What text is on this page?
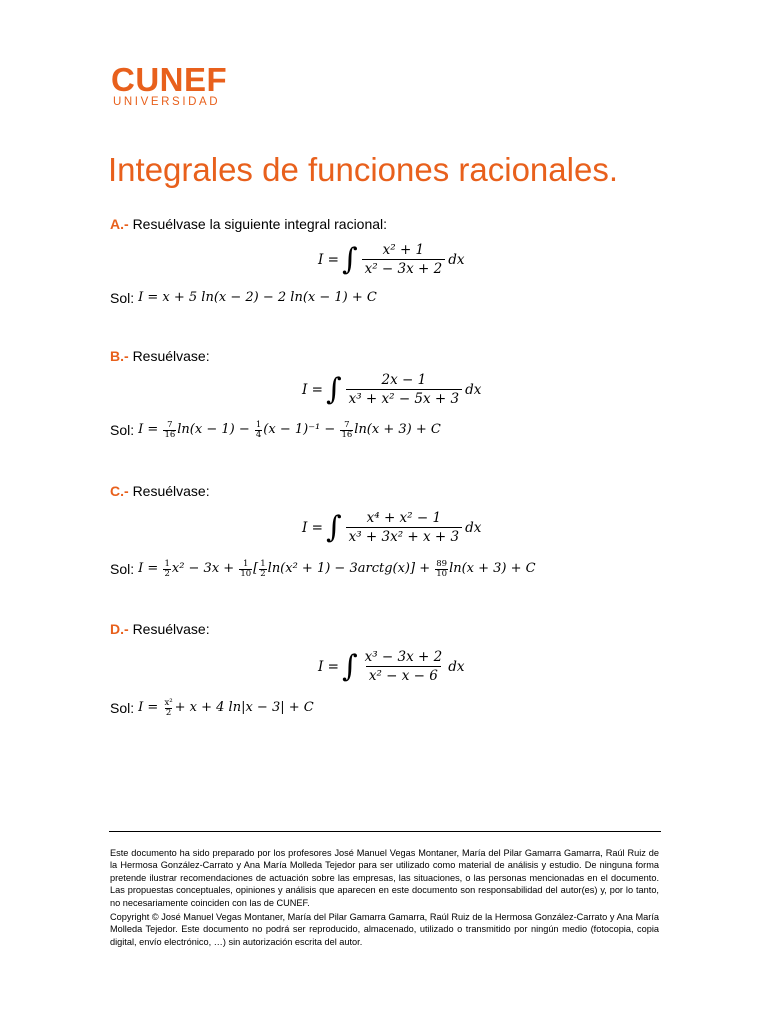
CUNEF
UNIVERSIDAD
Integrales de funciones racionales.
A.- Resuélvase la siguiente integral racional:
I = ∫ $\frac{\text{x² + 1}}{\text{x² − 3x + 2}}$ dx
Sol: I = x + 5 ln(x − 2) − 2 ln(x − 1) + C
B.- Resuélvase:
I = ∫ $\frac{2x - 1}{\text{x³ + x² − 5x + 3}}$ dx
Sol: I =
$\frac{7}{16} \ln(x - 1)$ −
$\frac{1}{4} (x - 1)^{-1}$ −
$\frac{7}{16} \ln(x + 3) + C$
C.- Resuélvase:
I = ∫ $\frac{\text{x⁴ + x² − 1}}{\text{x³ + 3x² + x + 3}}$ dx
Sol: I =
$\frac{1}{2} x^2 - 3x$ +
$\frac{1}{10}$ [ $\frac{1}{2} \ln(x^2 + 1)$ − 3arctg(x)] +
$\frac{89}{10} \ln(x + 3) + C$
D.- Resuélvase:
I = ∫ $\frac{\text{x³ − 3x + 2}}{\text{x² − x − 6}}$ dx
Sol: I =
$\frac{\text{x²}}{2} + x + 4$ ln|x − 3| + C

Este documento ha sido preparado por los profesores José Manuel Vegas Montaner, María del Pilar Gamarra Gamarra, Raúl Ruiz de la Hermosa González-Carrato y Ana María Molleda Tejedor para ser utilizado como material de análisis y estudio. De ninguna forma pretende ilustrar recomendaciones de actuación sobre las empresas, las situaciones, o las personas mencionadas en el documento. Las propuestas conceptuales, opiniones y análisis que aparecen en este documento son responsabilidad del autor(es) y, por lo tanto, no necesariamente coinciden con las de CUNEF.

Copyright © José Manuel Vegas Montaner, María del Pilar Gamarra Gamarra, Raúl Ruiz de la Hermosa González-Carrato y Ana María Molleda Tejedor. Este documento no podrá ser reproducido, almacenado, utilizado o transmitido por ningún medio (fotocopia, copia digital, envío electrónico, …) sin autorización escrita del autor.
